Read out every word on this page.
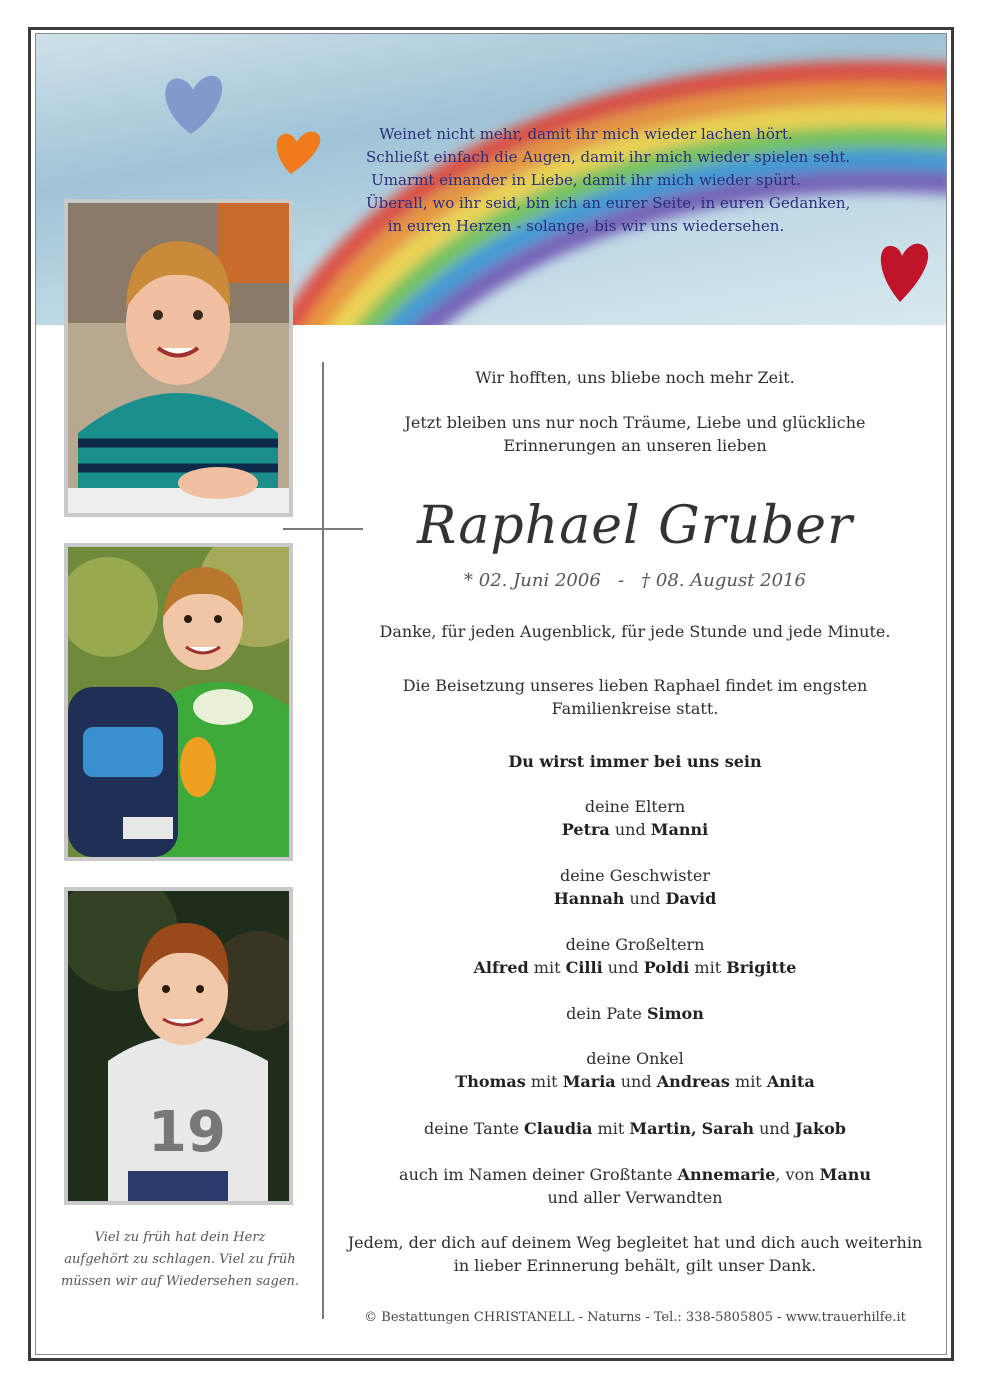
Weinet nicht mehr, damit ihr mich wieder lachen hört.
Schließt einfach die Augen, damit ihr mich wieder spielen seht.
Umarmt einander in Liebe, damit ihr mich wieder spürt.
Überall, wo ihr seid, bin ich an eurer Seite, in euren Gedanken,
in euren Herzen - solange, bis wir uns wiedersehen.
19
Viel zu früh hat dein Herz
aufgehört zu schlagen. Viel zu früh
müssen wir auf Wiedersehen sagen.
Wir hofften, uns bliebe noch mehr Zeit.
Jetzt bleiben uns nur noch Träume, Liebe und glückliche
Erinnerungen an unseren lieben
Raphael Gruber
* 02. Juni 2006   -   † 08. August 2016
Danke, für jeden Augenblick, für jede Stunde und jede Minute.
Die Beisetzung unseres lieben Raphael findet im engsten
Familienkreise statt.
Du wirst immer bei uns sein
deine Eltern
Petra und Manni
deine Geschwister
Hannah und David
deine Großeltern
Alfred mit Cilli und Poldi mit Brigitte
dein Pate Simon
deine Onkel
Thomas mit Maria und Andreas mit Anita
deine Tante Claudia mit Martin, Sarah und Jakob
auch im Namen deiner Großtante Annemarie, von Manu
und aller Verwandten
Jedem, der dich auf deinem Weg begleitet hat und dich auch weiterhin
in lieber Erinnerung behält, gilt unser Dank.
© Bestattungen CHRISTANELL - Naturns - Tel.: 338-5805805 - www.trauerhilfe.it
